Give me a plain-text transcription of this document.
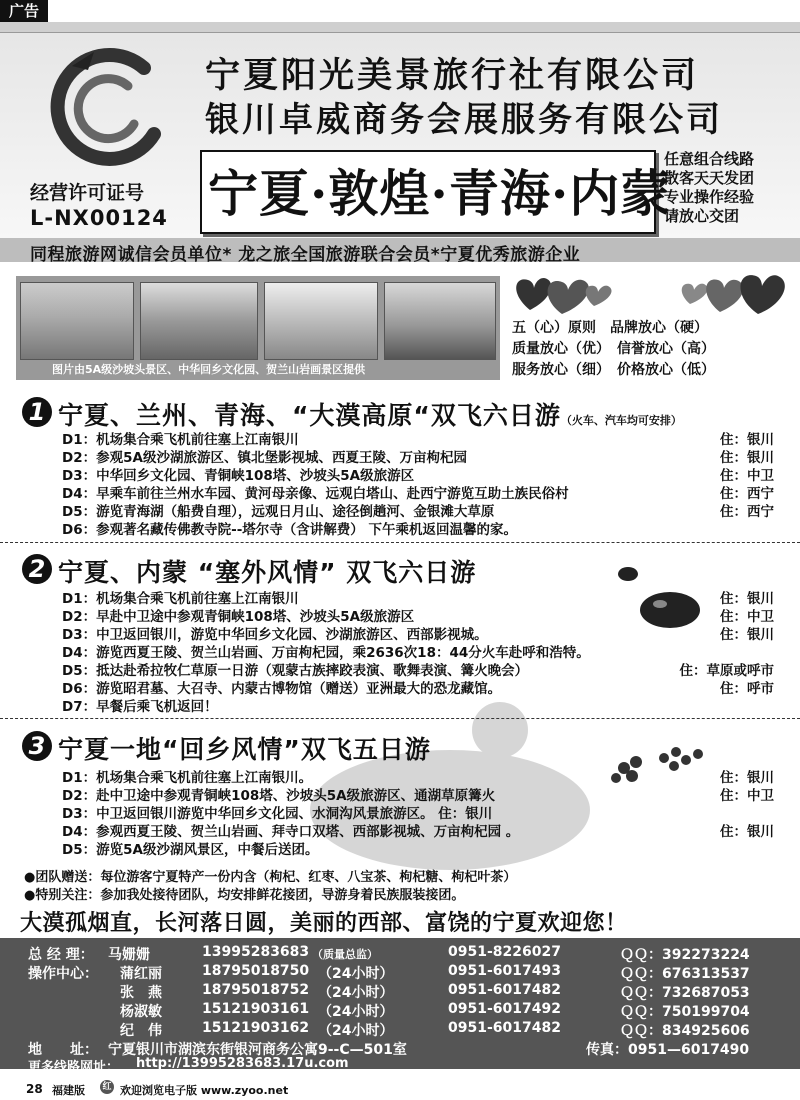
广告
宁夏阳光美景旅行社有限公司
银川卓威商务会展服务有限公司
经营许可证号
L-NX00124 宁夏·敦煌·青海·内蒙
任意组合线路
散客天天发团
专业操作经验
请放心交团
同程旅游网诚信会员单位* 龙之旅全国旅游联合会员*宁夏优秀旅游企业
图片由5A级沙坡头景区、中华回乡文化园、贺兰山岩画景区提供
五（心）原则　 品牌放心（硬）
质量放心（优）　 信誉放心（高）
服务放心（细）　 价格放心（低）
1 宁夏、兰州、青海、“大漠高原“双飞六日游（火车、汽车均可安排）
D1：机场集合乘飞机前往塞上江南银川	住：银川
D2：参观5A级沙湖旅游区、镇北堡影视城、西夏王陵、万亩枸杞园	住：银川
D3：中华回乡文化园、青铜峡108塔、沙坡头5A级旅游区	住：中卫
D4：早乘车前往兰州水车园、黄河母亲像、远观白塔山、赴西宁游览互助土族民俗村	住：西宁
D5：游览青海湖（船费自理），远观日月山、途径倒趟河、金银滩大草原	住：西宁
D6：参观著名藏传佛教寺院--塔尔寺（含讲解费） 下午乘机返回温馨的家。
2 宁夏、内蒙 “塞外风情” 双飞六日游
D1：机场集合乘飞机前往塞上江南银川	住：银川
D2：早赴中卫途中参观青铜峡108塔、沙坡头5A级旅游区	住：中卫
D3：中卫返回银川，游览中华回乡文化园、沙湖旅游区、西部影视城。	住：银川
D4：游览西夏王陵、贺兰山岩画、万亩枸杞园，乘2636次18：44分火车赴呼和浩特。
D5：抵达赴希拉牧仁草原一日游（观蒙古族摔跤表演、歌舞表演、篝火晚会）	住：草原或呼市
D6：游览昭君墓、大召寺、内蒙古博物馆（赠送）亚洲最大的恐龙藏馆。	住：呼市
D7：早餐后乘飞机返回！
3 宁夏一地“回乡风情”双飞五日游
D1：机场集合乘飞机前往塞上江南银川。	住：银川
D2：赴中卫途中参观青铜峡108塔、沙坡头5A级旅游区、通湖草原篝火	住：中卫
D3：中卫返回银川游览中华回乡文化园、水洞沟风景旅游区。 住：银川
D4：参观西夏王陵、贺兰山岩画、拜寺口双塔、西部影视城、万亩枸杞园 。	住：银川
D5：游览5A级沙湖风景区，中餐后送团。
●团队赠送：每位游客宁夏特产一份内含（枸杞、红枣、八宝茶、枸杞糖、枸杞叶茶）
●特别关注：参加我处接待团队，均安排鲜花接团，导游身着民族服装接团。
大漠孤烟直，长河落日圆，美丽的西部、富饶的宁夏欢迎您！
总 经 理： 马姗姗	13995283683 （质量总监）	0951-8226027	ＱＱ：392273224
操作中心： 蒲红丽	18795018750 （24小时）	0951-6017493	ＱＱ：676313537
张　燕	18795018752 （24小时）	0951-6017482	ＱＱ：732687053
杨淑敏	15121903161 （24小时）	0951-6017492	ＱＱ：750199704
纪　伟	15121903162 （24小时）	0951-6017482	ＱＱ：834925606
地　　址： 宁夏银川市湖滨东街银河商务公寓9--C—501室	传真：0951—6017490
更多线路网址： http://13995283683.17u.com
28 福建版 红 欢迎浏览电子版 www.zyoo.net
